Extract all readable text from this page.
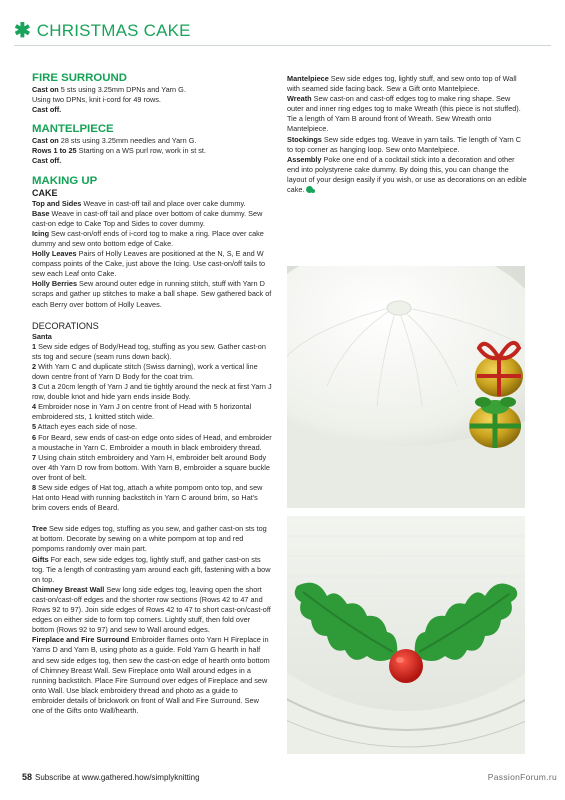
✱ CHRISTMAS CAKE

FIRE SURROUND

Cast on 5 sts using 3.25mm DPNs and Yarn G.

Using two DPNs, knit i-cord for 49 rows.

Cast off.

MANTELPIECE

Cast on 28 sts using 3.25mm needles and Yarn G.

Rows 1 to 25 Starting on a WS purl row, work in st st.

Cast off.

MAKING UP

CAKE

Top and Sides Weave in cast-off tail and place over cake dummy.

Base Weave in cast-off tail and place over bottom of cake dummy. Sew cast-on edge to Cake Top and Sides to cover dummy.

Icing Sew cast-on/off ends of i-cord tog to make a ring. Place over cake dummy and sew onto bottom edge of Cake.

Holly Leaves Pairs of Holly Leaves are positioned at the N, S, E and W compass points of the Cake, just above the Icing. Use cast-on/off tails to sew each Leaf onto Cake.

Holly Berries Sew around outer edge in running stitch, stuff with Yarn D scraps and gather up stitches to make a ball shape. Sew gathered back of each Berry over bottom of Holly Leaves.

DECORATIONS

Santa

1 Sew side edges of Body/Head tog, stuffing as you sew. Gather cast-on sts tog and secure (seam runs down back).

2 With Yarn C and duplicate stitch (Swiss darning), work a vertical line down centre front of Yarn D Body for the coat trim.

3 Cut a 20cm length of Yarn J and tie tightly around the neck at first Yarn J row, double knot and hide yarn ends inside Body.

4 Embroider nose in Yarn J on centre front of Head with 5 horizontal embroidered sts, 1 knitted stitch wide.

5 Attach eyes each side of nose.

6 For Beard, sew ends of cast-on edge onto sides of Head, and embroider a moustache in Yarn C. Embroider a mouth in black embroidery thread.

7 Using chain stitch embroidery and Yarn H, embroider belt around Body over 4th Yarn D row from bottom. With Yarn B, embroider a square buckle over front of belt.

8 Sew side edges of Hat tog, attach a white pompom onto top, and sew Hat onto Head with running backstitch in Yarn C around brim, so Hat's brim covers ends of Beard.

Tree Sew side edges tog, stuffing as you sew, and gather cast-on sts tog at bottom. Decorate by sewing on a white pompom at top and red pompoms randomly over main part.

Gifts For each, sew side edges tog, lightly stuff, and gather cast-on sts tog. Tie a length of contrasting yarn around each gift, fastening with a bow on top.

Chimney Breast Wall Sew long side edges tog, leaving open the short cast-on/cast-off edges and the shorter row sections (Rows 42 to 47 and Rows 92 to 97). Join side edges of Rows 42 to 47 to short cast-on/cast-off edges on either side to form top corners. Lightly stuff, then fold over bottom (Rows 92 to 97) and sew to Wall around edges.

Fireplace and Fire Surround Embroider flames onto Yarn H Fireplace in Yarns D and Yarn B, using photo as a guide. Fold Yarn G hearth in half and sew side edges tog, then sew the cast-on edge of hearth onto bottom of Chimney Breast Wall. Sew Fireplace onto Wall around edges in a running backstitch. Place Fire Surround over edges of Fireplace and sew onto Wall. Use black embroidery thread and photo as a guide to embroider details of brickwork on front of Wall and Fire Surround. Sew one of the Gifts onto Wall/hearth.

Mantelpiece Sew side edges tog, lightly stuff, and sew onto top of Wall with seamed side facing back. Sew a Gift onto Mantelpiece.

Wreath Sew cast-on and cast-off edges tog to make ring shape. Sew outer and inner ring edges tog to make Wreath (this piece is not stuffed). Tie a length of Yarn B around front of Wreath. Sew Wreath onto Mantelpiece.

Stockings Sew side edges tog. Weave in yarn tails. Tie length of Yarn C to top corner as hanging loop. Sew onto Mantelpiece.

Assembly Poke one end of a cocktail stick into a decoration and other end into polystyrene cake dummy. By doing this, you can change the layout of your design easily if you wish, or use as decorations on an edible cake.

58 Subscribe at www.gathered.how/simplyknitting	PassionForum.ru
